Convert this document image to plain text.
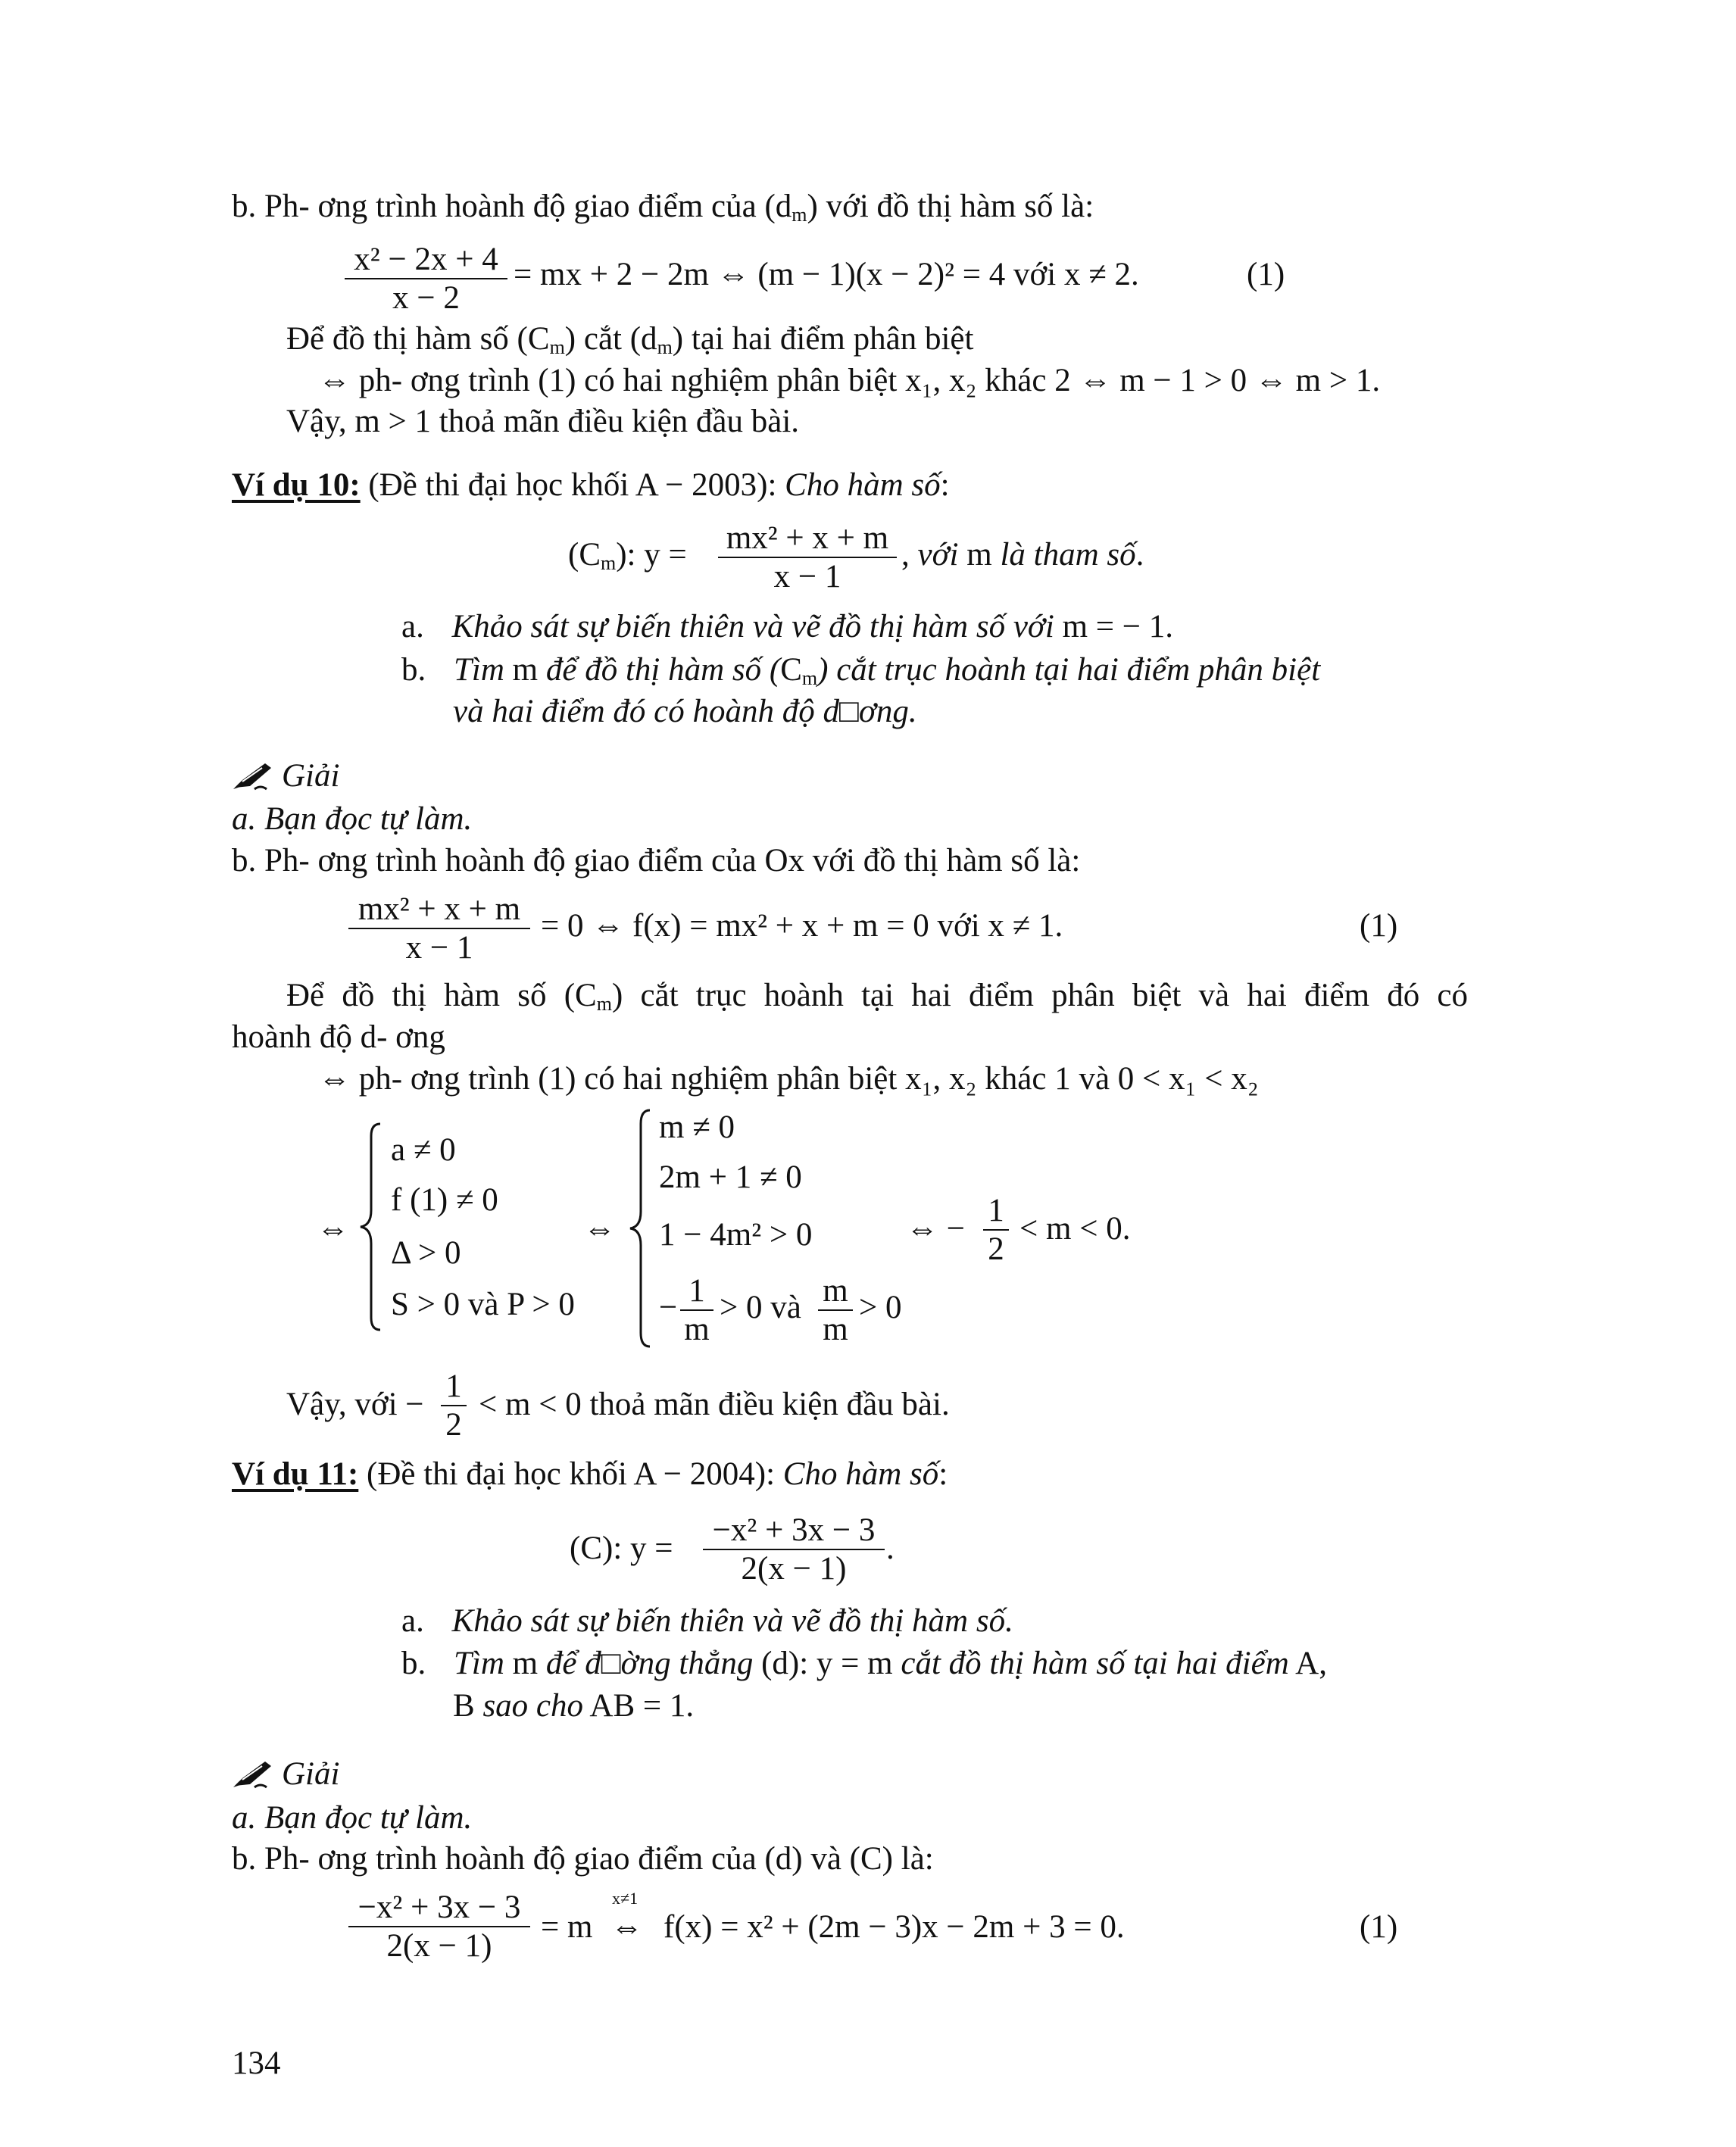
b. Ph- ơng trình hoành độ giao điểm của $(d_m)$ với đồ thị hàm số là:
x² − 2x + 4
x − 2
= mx + 2 − 2m ⇔ (m − 1)(x − 2)² = 4 với x ≠ 2.	(1)
Để đồ thị hàm số $(C_m)$ cắt $(d_m)$ tại hai điểm phân biệt
⇔ ph- ơng trình (1) có hai nghiệm phân biệt x₁, x₂ khác 2 ⇔ m − 1 > 0 ⇔ m > 1.
Vậy, m > 1 thoả mãn điều kiện đầu bài.
Ví dụ 10: (Đề thi đại học khối A − 2003): Cho hàm số:
$(C_m)$: y = mx² + x + m
x − 1
, với m là tham số.
a. Khảo sát sự biến thiên và vẽ đồ thị hàm số với m = − 1.
b. Tìm m để đồ thị hàm số $(C_m)$ cắt trục hoành tại hai điểm phân biệt
và hai điểm đó có hoành độ d□ơng.
Giải
a. Bạn đọc tự làm.
b. Ph- ơng trình hoành độ giao điểm của Ox với đồ thị hàm số là:
mx² + x + m
x − 1
= 0 ⇔ f(x) = mx² + x + m = 0 với x ≠ 1.	(1)
Để đồ thị hàm số $(C_m)$ cắt trục hoành tại hai điểm phân biệt và hai điểm đó có
hoành độ d- ơng
⇔ ph- ơng trình (1) có hai nghiệm phân biệt x₁, x₂ khác 1 và 0 < x₁ < x₂
⇔
a ≠ 0
f (1) ≠ 0
Δ > 0
S > 0 và P > 0
⇔
m ≠ 0
2m + 1 ≠ 0
1 − 4m² > 0
− 1
m
> 0 và m
m
> 0
⇔ −
1
2
< m < 0.
Vậy, với −
1
2
< m < 0 thoả mãn điều kiện đầu bài.
Ví dụ 11: (Đề thi đại học khối A − 2004): Cho hàm số:
(C): y =
−x² + 3x − 3
2(x − 1)
.
a. Khảo sát sự biến thiên và vẽ đồ thị hàm số.
b. Tìm m để đ□ờng thẳng (d): y = m cắt đồ thị hàm số tại hai điểm A,
B sao cho AB = 1.
Giải
a. Bạn đọc tự làm.
b. Ph- ơng trình hoành độ giao điểm của (d) và (C) là:
−x² + 3x − 3
2(x − 1)
= m
x≠1
⇔ f(x) = x² + (2m − 3)x − 2m + 3 = 0.	(1)
134
